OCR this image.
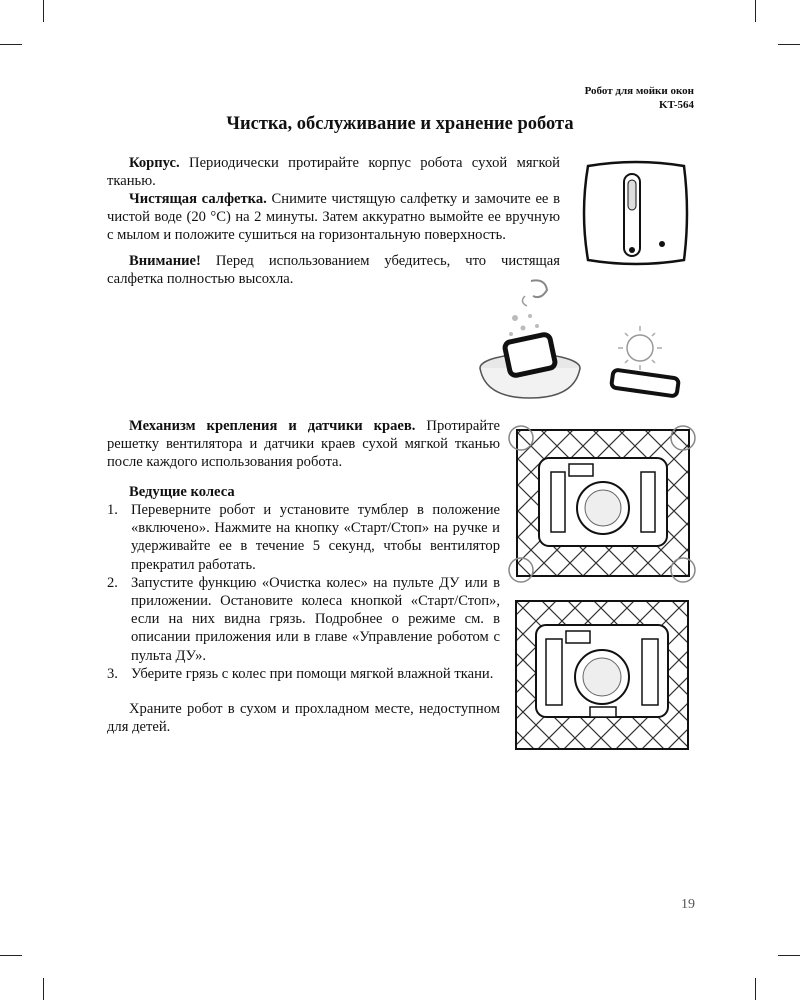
Робот для мойки окон
KT-564
Чистка, обслуживание и хранение робота

Корпус. Периодически протирайте корпус робота сухой мягкой тканью.

Чистящая салфетка. Снимите чистящую салфетку и замочите ее в чистой воде (20 °C) на 2 минуты. Затем аккуратно вымойте ее вручную с мылом и положите сушиться на горизонтальную поверхность.

Внимание! Перед использованием убедитесь, что чистящая салфетка полностью высохла.

Механизм крепления и датчики краев. Протирайте решетку вентилятора и датчики краев сухой мягкой тканью после каждого использования робота.

Ведущие колеса

1. Переверните робот и установите тумблер в положение «включено». Нажмите на кнопку «Старт/Стоп» на ручке и удерживайте ее в течение 5 секунд, чтобы вентилятор прекратил работать.
2. Запустите функцию «Очистка колес» на пульте ДУ или в приложении. Остановите колеса кнопкой «Старт/Стоп», если на них видна грязь. Подробнее о режиме см. в описании приложения или в главе «Управление роботом с пульта ДУ».
3. Уберите грязь с колес при помощи мягкой влажной ткани.

Храните робот в сухом и прохладном месте, недоступном для детей.

19
